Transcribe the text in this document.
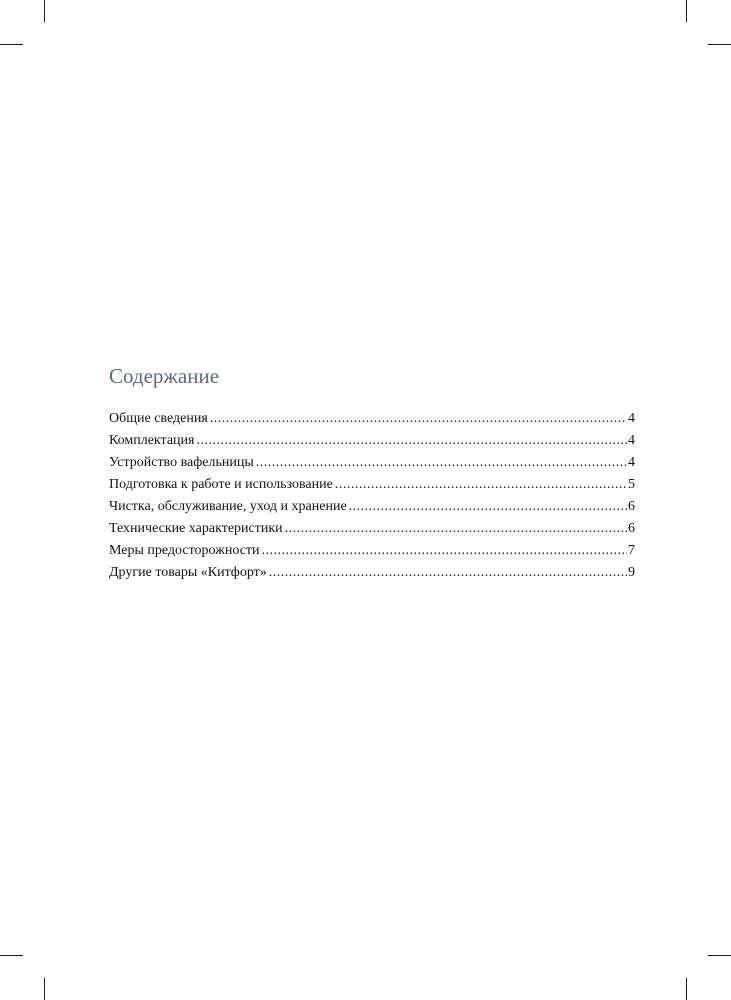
Содержание
Общие сведения .....	4
Комплектация .....	4
Устройство вафельницы .....	4
Подготовка к работе и использование .....	5
Чистка, обслуживание, уход и хранение .....	6
Технические характеристики .....	6
Меры предосторожности .....	7
Другие товары «Китфорт» .....	9
